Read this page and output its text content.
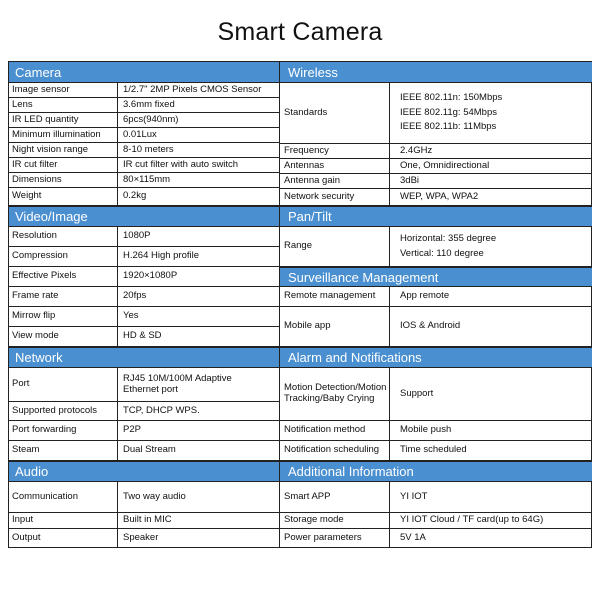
Smart Camera
Camera
Image sensor	1/2.7" 2MP Pixels CMOS Sensor
Lens	3.6mm fixed
IR LED quantity	6pcs(940nm)
Minimum illumination	0.01Lux
Night vision range	8-10 meters
IR cut filter	IR cut filter with auto switch
Dimensions	80×115mm
Weight	0.2kg
Video/Image
Resolution	1080P
Compression	H.264 High profile
Effective Pixels	1920×1080P
Frame rate	20fps
Mirrow flip	Yes
View mode	HD & SD
Network
Port	RJ45 10M/100M Adaptive
Ethernet port
Supported protocols	TCP, DHCP WPS.
Port forwarding	P2P
Steam	Dual Stream
Audio
Communication	Two way audio
Input	Built in MIC
Output	Speaker
Wireless
Standards
IEEE 802.11n: 150Mbps
IEEE 802.11g: 54Mbps
IEEE 802.11b: 11Mbps
Frequency	2.4GHz
Antennas	One, Omnidirectional
Antenna gain	3dBi
Network security	WEP, WPA, WPA2
Pan/Tilt
Range
Horizontal: 355 degree
Vertical: 110 degree
Surveillance Management
Remote management	App remote
Mobile app	IOS & Android
Alarm and Notifications
Motion Detection/Motion
Tracking/Baby Crying	Support
Notification method	Mobile push
Notification scheduling	Time scheduled
Additional Information
Smart APP	YI IOT
Storage mode	YI IOT Cloud / TF card(up to 64G)
Power parameters	5V 1A
